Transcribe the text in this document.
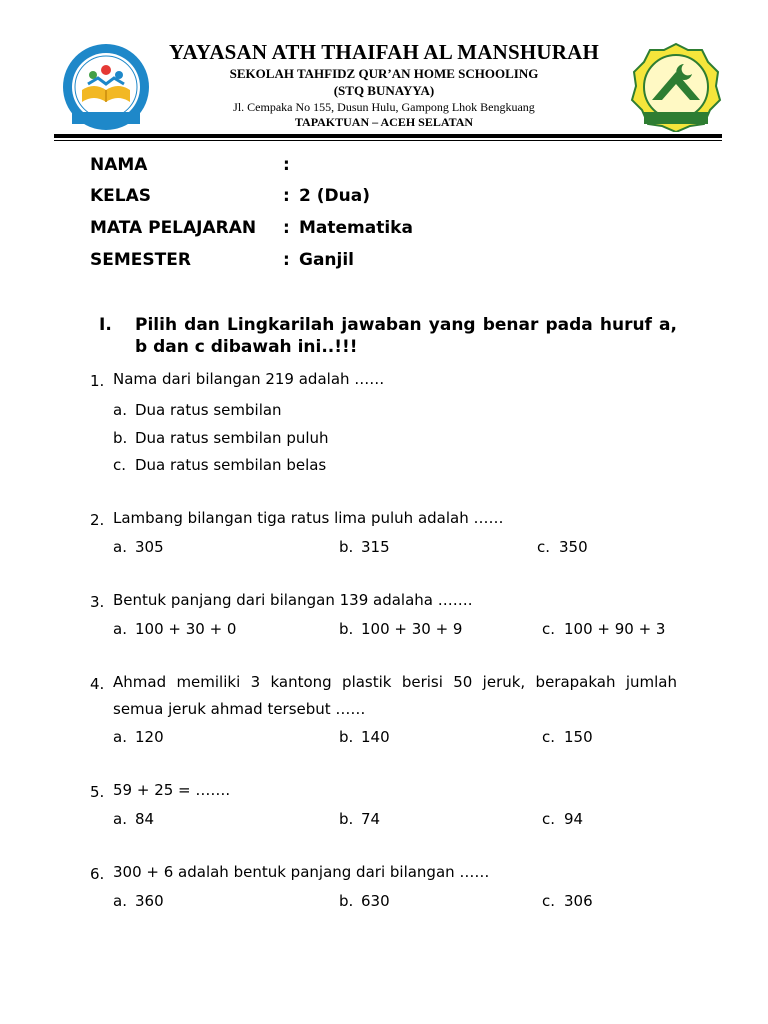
YAYASAN ATH THAIFAH AL MANSHURAH
SEKOLAH TAHFIDZ QUR’AN HOME SCHOOLING
(STQ BUNAYYA)
Jl. Cempaka No 155, Dusun Hulu, Gampong Lhok Bengkuang
TAPAKTUAN – ACEH SELATAN
NAMA	:
KELAS	: 2 (Dua)
MATA PELAJARAN : Matematika
SEMESTER	: Ganjil
I. Pilih dan Lingkarilah jawaban yang benar pada huruf a, b dan c dibawah ini..!!!
1. Nama dari bilangan 219 adalah ……
a. Dua ratus sembilan
b. Dua ratus sembilan puluh
c. Dua ratus sembilan belas
2. Lambang bilangan tiga ratus lima puluh adalah ……
a. 305	b. 315	c. 350
3. Bentuk panjang dari bilangan 139 adalaha …….
a. 100 + 30 + 0	b. 100 + 30 + 9	c. 100 + 90 + 3
4. Ahmad memiliki 3 kantong plastik berisi 50 jeruk, berapakah jumlah semua jeruk ahmad tersebut ……
a. 120	b. 140	c. 150
5. 59 + 25 = …….
a. 84	b. 74	c. 94
6. 300 + 6 adalah bentuk panjang dari bilangan ……
a. 360	b. 630	c. 306
